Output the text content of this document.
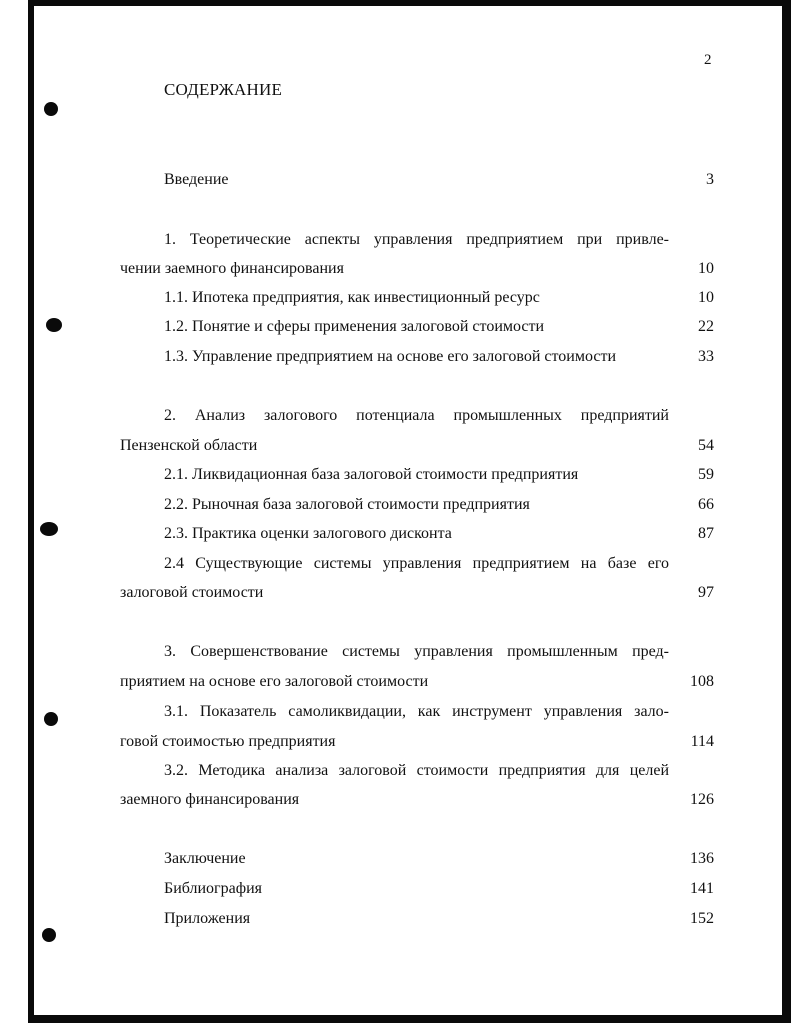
2
СОДЕРЖАНИЕ
Введение	3
1. Теоретические аспекты управления предприятием при привле-
чении заемного финансирования	10
1.1. Ипотека предприятия, как инвестиционный ресурс	10
1.2. Понятие и сферы применения залоговой стоимости	22
1.3. Управление предприятием на основе его залоговой стоимости	33
2. Анализ залогового потенциала промышленных предприятий
Пензенской области	54
2.1. Ликвидационная база залоговой стоимости предприятия	59
2.2. Рыночная база залоговой стоимости предприятия	66
2.3. Практика оценки залогового дисконта	87
2.4 Существующие системы управления предприятием на базе его
залоговой стоимости	97
3. Совершенствование системы управления промышленным пред-
приятием на основе его залоговой стоимости	108
3.1. Показатель самоликвидации, как инструмент управления зало-
говой стоимостью предприятия	114
3.2. Методика анализа залоговой стоимости предприятия для целей
заемного финансирования	126
Заключение	136
Библиография	141
Приложения	152
